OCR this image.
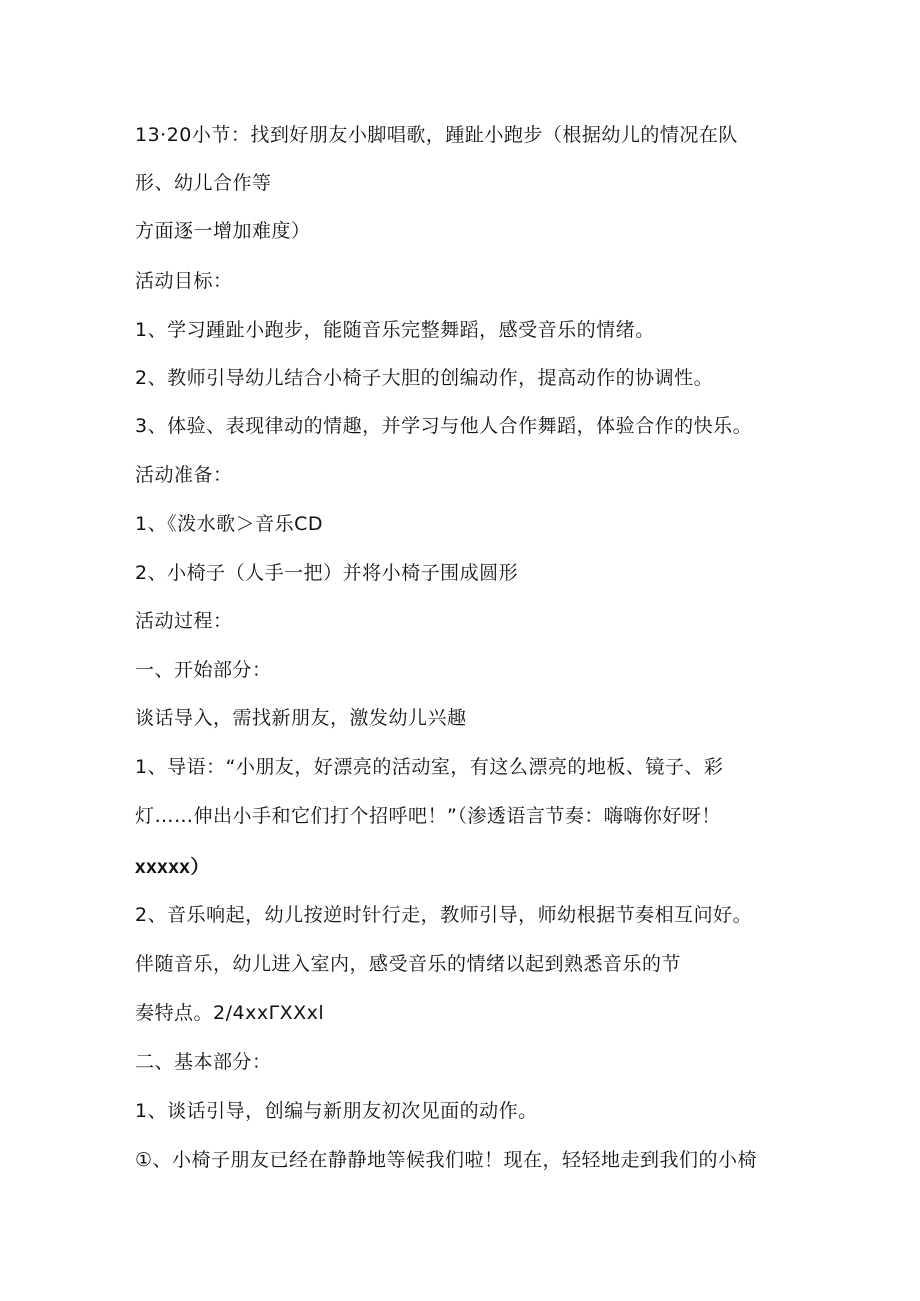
13·20小节：找到好朋友小脚唱歌，踵趾小跑步（根据幼儿的情况在队
形、幼儿合作等
方面逐一增加难度）
活动目标：
1、学习踵趾小跑步，能随音乐完整舞蹈，感受音乐的情绪。
2、教师引导幼儿结合小椅子大胆的创编动作，提高动作的协调性。
3、体验、表现律动的情趣，并学习与他人合作舞蹈，体验合作的快乐。
活动准备：
1、《泼水歌＞音乐CD
2、小椅子（人手一把）并将小椅子围成圆形
活动过程：
一、开始部分：
谈话导入，需找新朋友，激发幼儿兴趣
1、导语：“小朋友，好漂亮的活动室，有这么漂亮的地板、镜子、彩
灯……伸出小手和它们打个招呼吧！”（渗透语言节奏：嗨嗨你好呀！
xxxxx）
2、音乐响起，幼儿按逆时针行走，教师引导，师幼根据节奏相互问好。
伴随音乐，幼儿进入室内，感受音乐的情绪以起到熟悉音乐的节
奏特点。2/4xxΓXXxl
二、基本部分：
1、谈话引导，创编与新朋友初次见面的动作。
①、小椅子朋友已经在静静地等候我们啦！现在，轻轻地走到我们的小椅
